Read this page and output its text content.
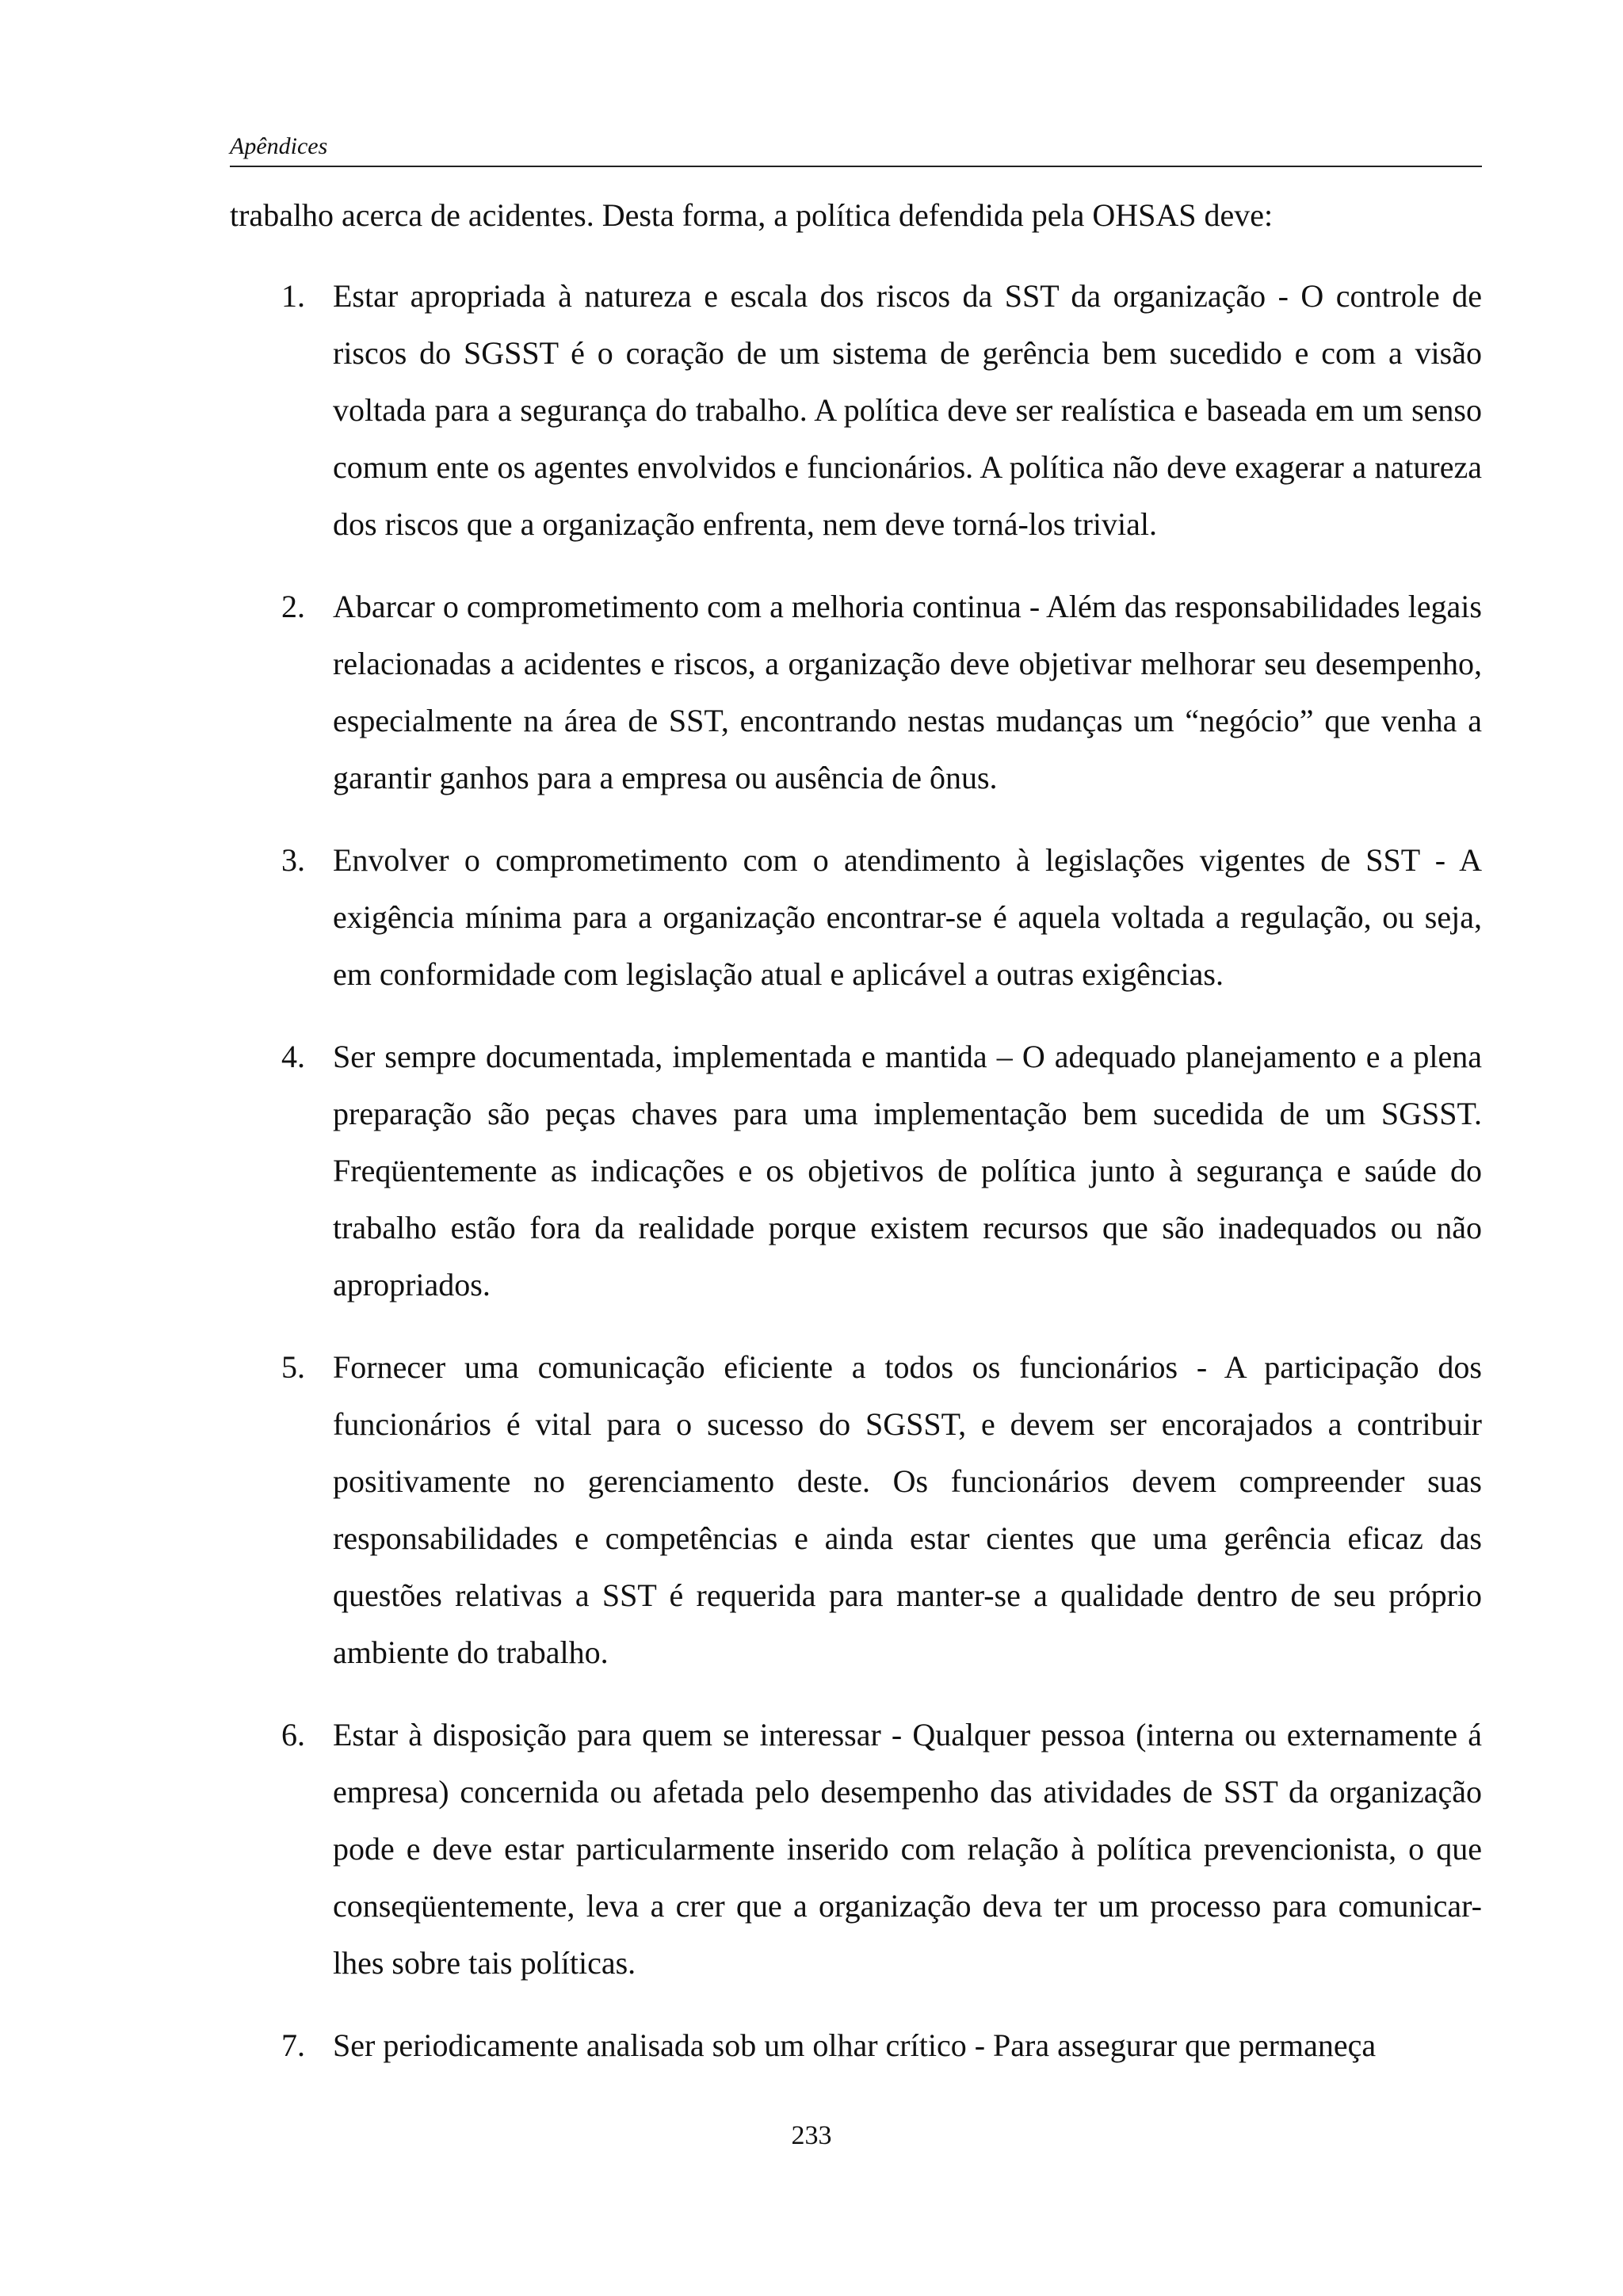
Apêndices
trabalho acerca de acidentes. Desta forma, a política defendida pela OHSAS deve:
1. Estar apropriada à natureza e escala dos riscos da SST da organização - O controle de riscos do SGSST é o coração de um sistema de gerência bem sucedido e com a visão voltada para a segurança do trabalho. A política deve ser realística e baseada em um senso comum ente os agentes envolvidos e funcionários. A política não deve exagerar a natureza dos riscos que a organização enfrenta, nem deve torná-los trivial.
2. Abarcar o comprometimento com a melhoria continua - Além das responsabilidades legais relacionadas a acidentes e riscos, a organização deve objetivar melhorar seu desempenho, especialmente na área de SST, encontrando nestas mudanças um “negócio” que venha a garantir ganhos para a empresa ou ausência de ônus.
3. Envolver o comprometimento com o atendimento à legislações vigentes de SST - A exigência mínima para a organização encontrar-se é aquela voltada a regulação, ou seja, em conformidade com legislação atual e aplicável a outras exigências.
4. Ser sempre documentada, implementada e mantida – O adequado planejamento e a plena preparação são peças chaves para uma implementação bem sucedida de um SGSST. Freqüentemente as indicações e os objetivos de política junto à segurança e saúde do trabalho estão fora da realidade porque existem recursos que são inadequados ou não apropriados.
5. Fornecer uma comunicação eficiente a todos os funcionários - A participação dos funcionários é vital para o sucesso do SGSST, e devem ser encorajados a contribuir positivamente no gerenciamento deste. Os funcionários devem compreender suas responsabilidades e competências e ainda estar cientes que uma gerência eficaz das questões relativas a SST é requerida para manter-se a qualidade dentro de seu próprio ambiente do trabalho.
6. Estar à disposição para quem se interessar - Qualquer pessoa (interna ou externamente á empresa) concernida ou afetada pelo desempenho das atividades de SST da organização pode e deve estar particularmente inserido com relação à política prevencionista, o que conseqüentemente, leva a crer que a organização deva ter um processo para comunicar-lhes sobre tais políticas.
7. Ser periodicamente analisada sob um olhar crítico - Para assegurar que permaneça
233
